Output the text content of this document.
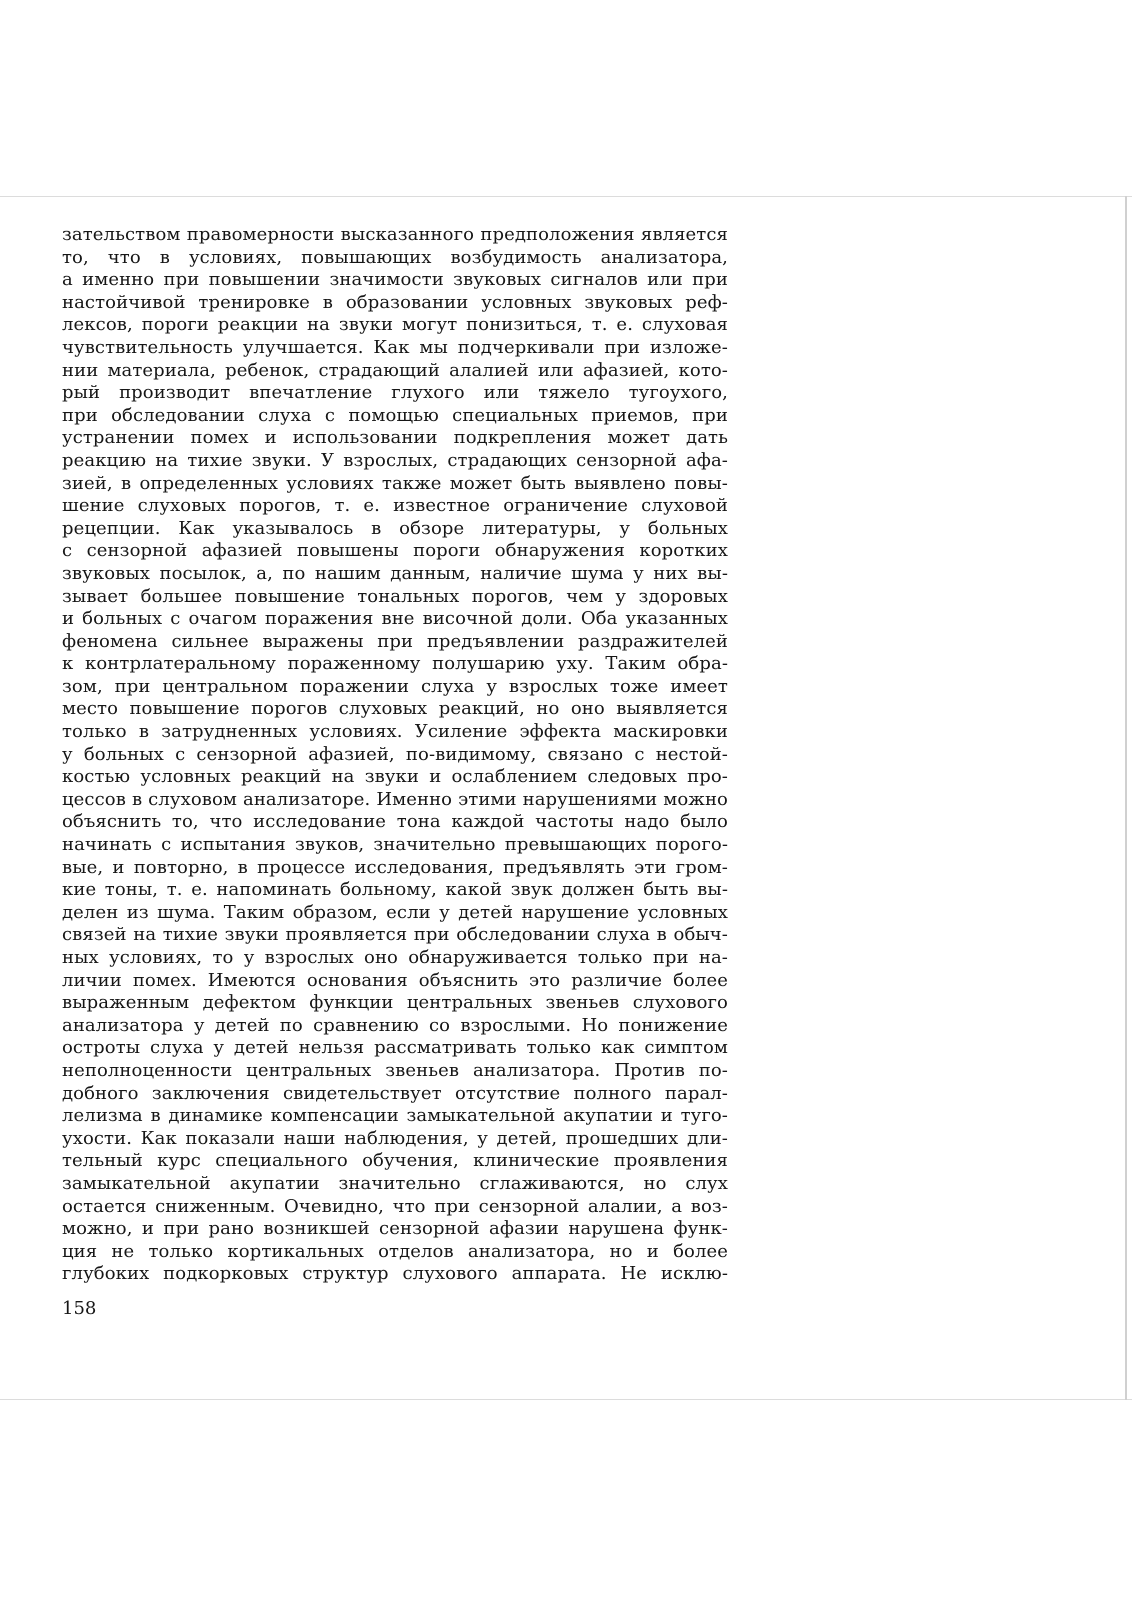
зательством правомерности высказанного предположения является
то, что в условиях, повышающих возбудимость анализатора,
а именно при повышении значимости звуковых сигналов или при
настойчивой тренировке в образовании условных звуковых реф-
лексов, пороги реакции на звуки могут понизиться, т. е. слуховая
чувствительность улучшается. Как мы подчеркивали при изложе-
нии материала, ребенок, страдающий алалией или афазией, кото-
рый производит впечатление глухого или тяжело тугоухого,
при обследовании слуха с помощью специальных приемов, при
устранении помех и использовании подкрепления может дать
реакцию на тихие звуки. У взрослых, страдающих сензорной афа-
зией, в определенных условиях также может быть выявлено повы-
шение слуховых порогов, т. е. известное ограничение слуховой
рецепции. Как указывалось в обзоре литературы, у больных
с сензорной афазией повышены пороги обнаружения коротких
звуковых посылок, а, по нашим данным, наличие шума у них вы-
зывает большее повышение тональных порогов, чем у здоровых
и больных с очагом поражения вне височной доли. Оба указанных
феномена сильнее выражены при предъявлении раздражителей
к контрлатеральному пораженному полушарию уху. Таким обра-
зом, при центральном поражении слуха у взрослых тоже имеет
место повышение порогов слуховых реакций, но оно выявляется
только в затрудненных условиях. Усиление эффекта маскировки
у больных с сензорной афазией, по-видимому, связано с нестой-
костью условных реакций на звуки и ослаблением следовых про-
цессов в слуховом анализаторе. Именно этими нарушениями можно
объяснить то, что исследование тона каждой частоты надо было
начинать с испытания звуков, значительно превышающих порого-
вые, и повторно, в процессе исследования, предъявлять эти гром-
кие тоны, т. е. напоминать больному, какой звук должен быть вы-
делен из шума. Таким образом, если у детей нарушение условных
связей на тихие звуки проявляется при обследовании слуха в обыч-
ных условиях, то у взрослых оно обнаруживается только при на-
личии помех. Имеются основания объяснить это различие более
выраженным дефектом функции центральных звеньев слухового
анализатора у детей по сравнению со взрослыми. Но понижение
остроты слуха у детей нельзя рассматривать только как симптом
неполноценности центральных звеньев анализатора. Против по-
добного заключения свидетельствует отсутствие полного парал-
лелизма в динамике компенсации замыкательной акупатии и туго-
ухости. Как показали наши наблюдения, у детей, прошедших дли-
тельный курс специального обучения, клинические проявления
замыкательной акупатии значительно сглаживаются, но слух
остается сниженным. Очевидно, что при сензорной алалии, а воз-
можно, и при рано возникшей сензорной афазии нарушена функ-
ция не только кортикальных отделов анализатора, но и более
глубоких подкорковых структур слухового аппарата. Не исклю-
158
